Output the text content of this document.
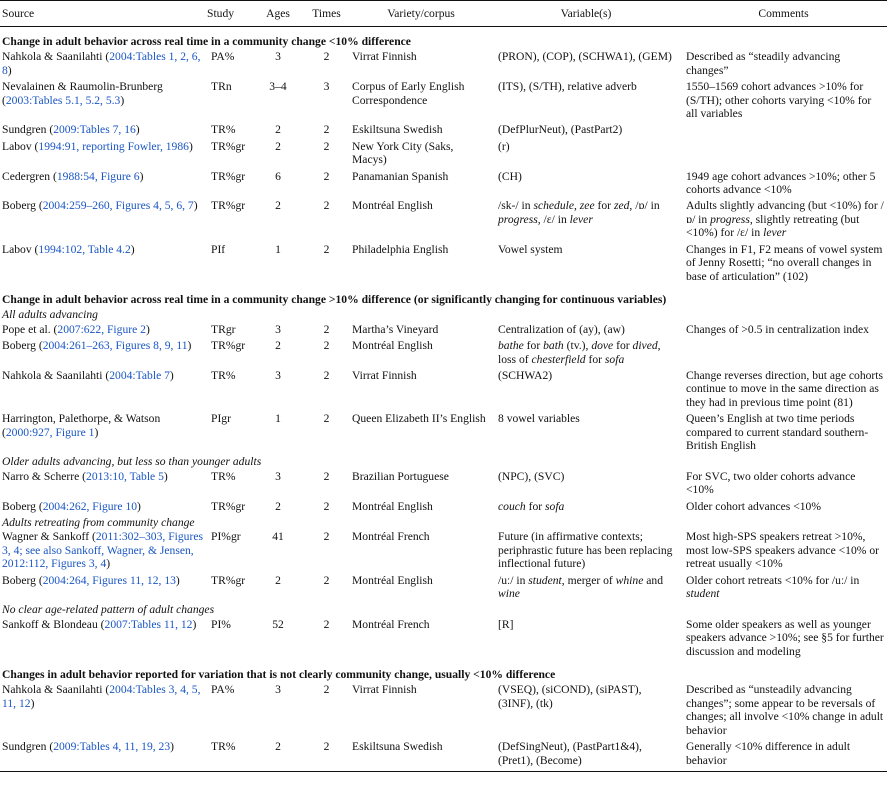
Source	Study	Ages	Times	Variety/corpus	Variable(s)	Comments
Change in adult behavior across real time in a community change <10% difference						
Nahkola & Saanilahti (2004:Tables 1, 2, 6, 8)	PA%	3	2	Virrat Finnish	(PRON), (COP), (SCHWA1), (GEM)	Described as “steadily advancing changes”
Nevalainen & Raumolin-Brunberg (2003:Tables 5.1, 5.2, 5.3)	TRn	3–4	3	Corpus of Early English Correspondence	(ITS), (S/TH), relative adverb	1550–1569 cohort advances >10% for (S/TH); other cohorts varying <10% for all variables
Sundgren (2009:Tables 7, 16)	TR%	2	2	Eskiltsuna Swedish	(DefPlurNeut), (PastPart2)	
Labov (1994:91, reporting Fowler, 1986)	TR%gr	2	2	New York City (Saks, Macys)	(r)	
Cedergren (1988:54, Figure 6)	TR%gr	6	2	Panamanian Spanish	(CH)	1949 age cohort advances >10%; other 5 cohorts advance <10%
Boberg (2004:259–260, Figures 4, 5, 6, 7)	TR%gr	2	2	Montréal English	/sk-/ in schedule, zee for zed, /ɒ/ in progress, /ɛ/ in lever	Adults slightly advancing (but <10%) for /ɒ/ in progress, slightly retreating (but <10%) for /ɛ/ in lever
Labov (1994:102, Table 4.2)	PIf	1	2	Philadelphia English	Vowel system	Changes in F1, F2 means of vowel system of Jenny Rosetti; “no overall changes in base of articulation” (102)
Change in adult behavior across real time in a community change >10% difference (or significantly changing for continuous variables)						
All adults advancing						
Pope et al. (2007:622, Figure 2)	TRgr	3	2	Martha’s Vineyard	Centralization of (ay), (aw)	Changes of >0.5 in centralization index
Boberg (2004:261–263, Figures 8, 9, 11)	TR%gr	2	2	Montréal English	bathe for bath (tv.), dove for dived, loss of chesterfield for sofa	
Nahkola & Saanilahti (2004:Table 7)	TR%	3	2	Virrat Finnish	(SCHWA2)	Change reverses direction, but age cohorts continue to move in the same direction as they had in previous time point (81)
Harrington, Palethorpe, & Watson (2000:927, Figure 1)	PIgr	1	2	Queen Elizabeth II’s English	8 vowel variables	Queen’s English at two time periods compared to current standard southern-British English
Older adults advancing, but less so than younger adults						
Narro & Scherre (2013:10, Table 5)	TR%	3	2	Brazilian Portuguese	(NPC), (SVC)	For SVC, two older cohorts advance <10%
Boberg (2004:262, Figure 10)	TR%gr	2	2	Montréal English	couch for sofa	Older cohort advances <10%
Adults retreating from community change						
Wagner & Sankoff (2011:302–303, Figures 3, 4; see also Sankoff, Wagner, & Jensen, 2012:112, Figures 3, 4)	PI%gr	41	2	Montréal French	Future (in affirmative contexts; periphrastic future has been replacing inflectional future)	Most high-SPS speakers retreat >10%, most low-SPS speakers advance <10% or retreat usually <10%
Boberg (2004:264, Figures 11, 12, 13)	TR%gr	2	2	Montréal English	/uː/ in student, merger of whine and wine	Older cohort retreats <10% for /uː/ in student
No clear age-related pattern of adult changes						
Sankoff & Blondeau (2007:Tables 11, 12)	PI%	52	2	Montréal French	[R]	Some older speakers as well as younger speakers advance >10%; see §5 for further discussion and modeling
Changes in adult behavior reported for variation that is not clearly community change, usually <10% difference						
Nahkola & Saanilahti (2004:Tables 3, 4, 5, 11, 12)	PA%	3	2	Virrat Finnish	(VSEQ), (siCOND), (siPAST), (3INF), (tk)	Described as “unsteadily advancing changes”; some appear to be reversals of changes; all involve <10% change in adult behavior
Sundgren (2009:Tables 4, 11, 19, 23)	TR%	2	2	Eskiltsuna Swedish	(DefSingNeut), (PastPart1&4), (Pret1), (Become)	Generally <10% difference in adult behavior
